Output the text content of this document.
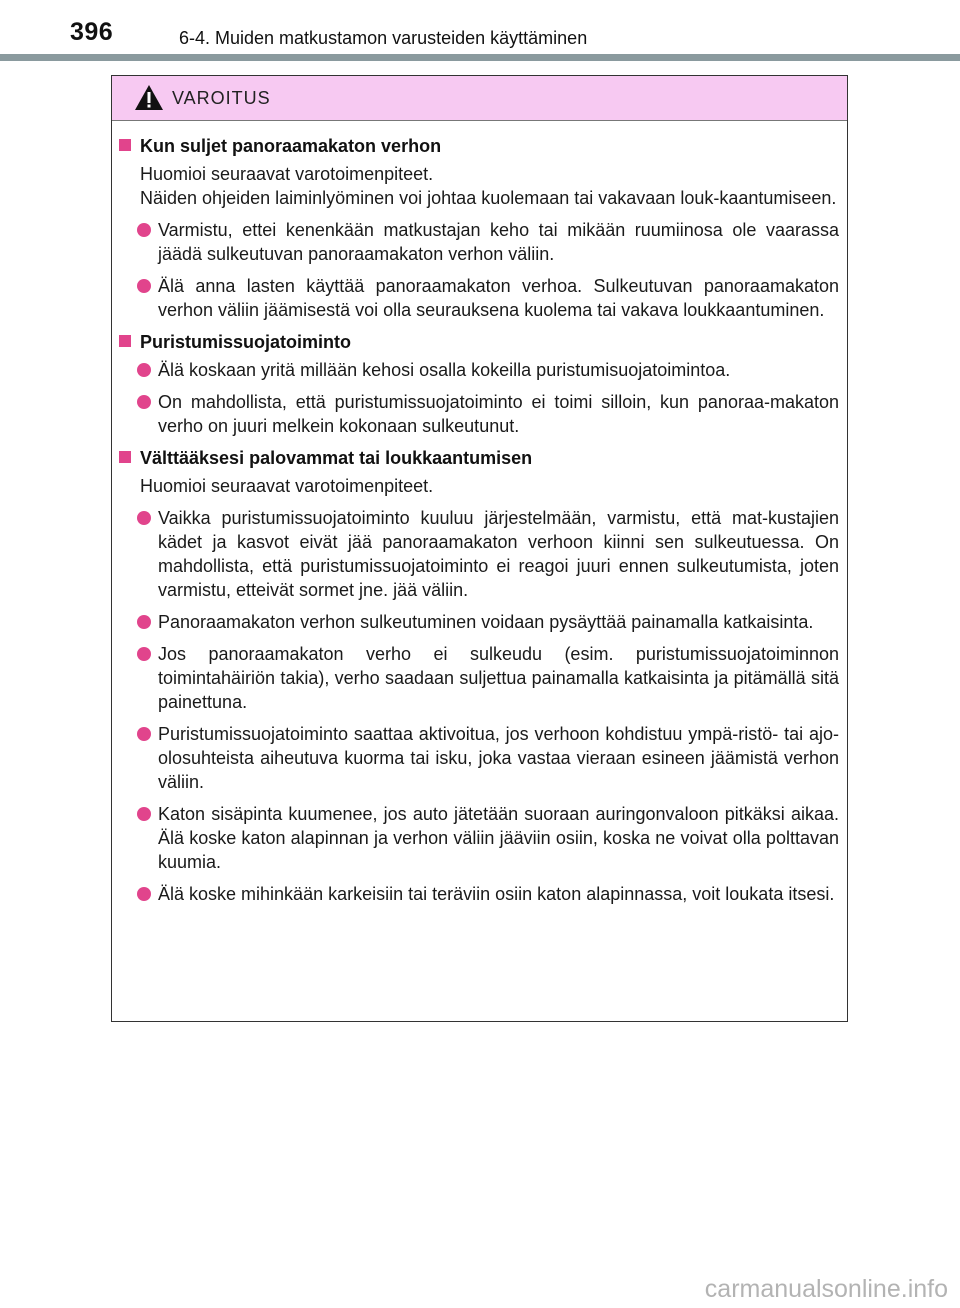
396	6-4. Muiden matkustamon varusteiden käyttäminen
VAROITUS
Kun suljet panoraamakaton verhon
Huomioi seuraavat varotoimenpiteet.
Näiden ohjeiden laiminlyöminen voi johtaa kuolemaan tai vakavaan louk-kaantumiseen.
Varmistu, ettei kenenkään matkustajan keho tai mikään ruumiinosa ole vaarassa jäädä sulkeutuvan panoraamakaton verhon väliin.
Älä anna lasten käyttää panoraamakaton verhoa. Sulkeutuvan panoraamakaton verhon väliin jäämisestä voi olla seurauksena kuolema tai vakava loukkaantuminen.
Puristumissuojatoiminto
Älä koskaan yritä millään kehosi osalla kokeilla puristumisuojatoimintoa.
On mahdollista, että puristumissuojatoiminto ei toimi silloin, kun panoraa-makaton verho on juuri melkein kokonaan sulkeutunut.
Välttääksesi palovammat tai loukkaantumisen
Huomioi seuraavat varotoimenpiteet.
Vaikka puristumissuojatoiminto kuuluu järjestelmään, varmistu, että mat-kustajien kädet ja kasvot eivät jää panoraamakaton verhoon kiinni sen sulkeutuessa. On mahdollista, että puristumissuojatoiminto ei reagoi juuri ennen sulkeutumista, joten varmistu, etteivät sormet jne. jää väliin.
Panoraamakaton verhon sulkeutuminen voidaan pysäyttää painamalla katkaisinta.
Jos panoraamakaton verho ei sulkeudu (esim. puristumissuojatoiminnon toimintahäiriön takia), verho saadaan suljettua painamalla katkaisinta ja pitämällä sitä painettuna.
Puristumissuojatoiminto saattaa aktivoitua, jos verhoon kohdistuu ympä-ristö- tai ajo-olosuhteista aiheutuva kuorma tai isku, joka vastaa vieraan esineen jäämistä verhon väliin.
Katon sisäpinta kuumenee, jos auto jätetään suoraan auringonvaloon pitkäksi aikaa. Älä koske katon alapinnan ja verhon väliin jääviin osiin, koska ne voivat olla polttavan kuumia.
Älä koske mihinkään karkeisiin tai teräviin osiin katon alapinnassa, voit loukata itsesi.
carmanualsonline.info
